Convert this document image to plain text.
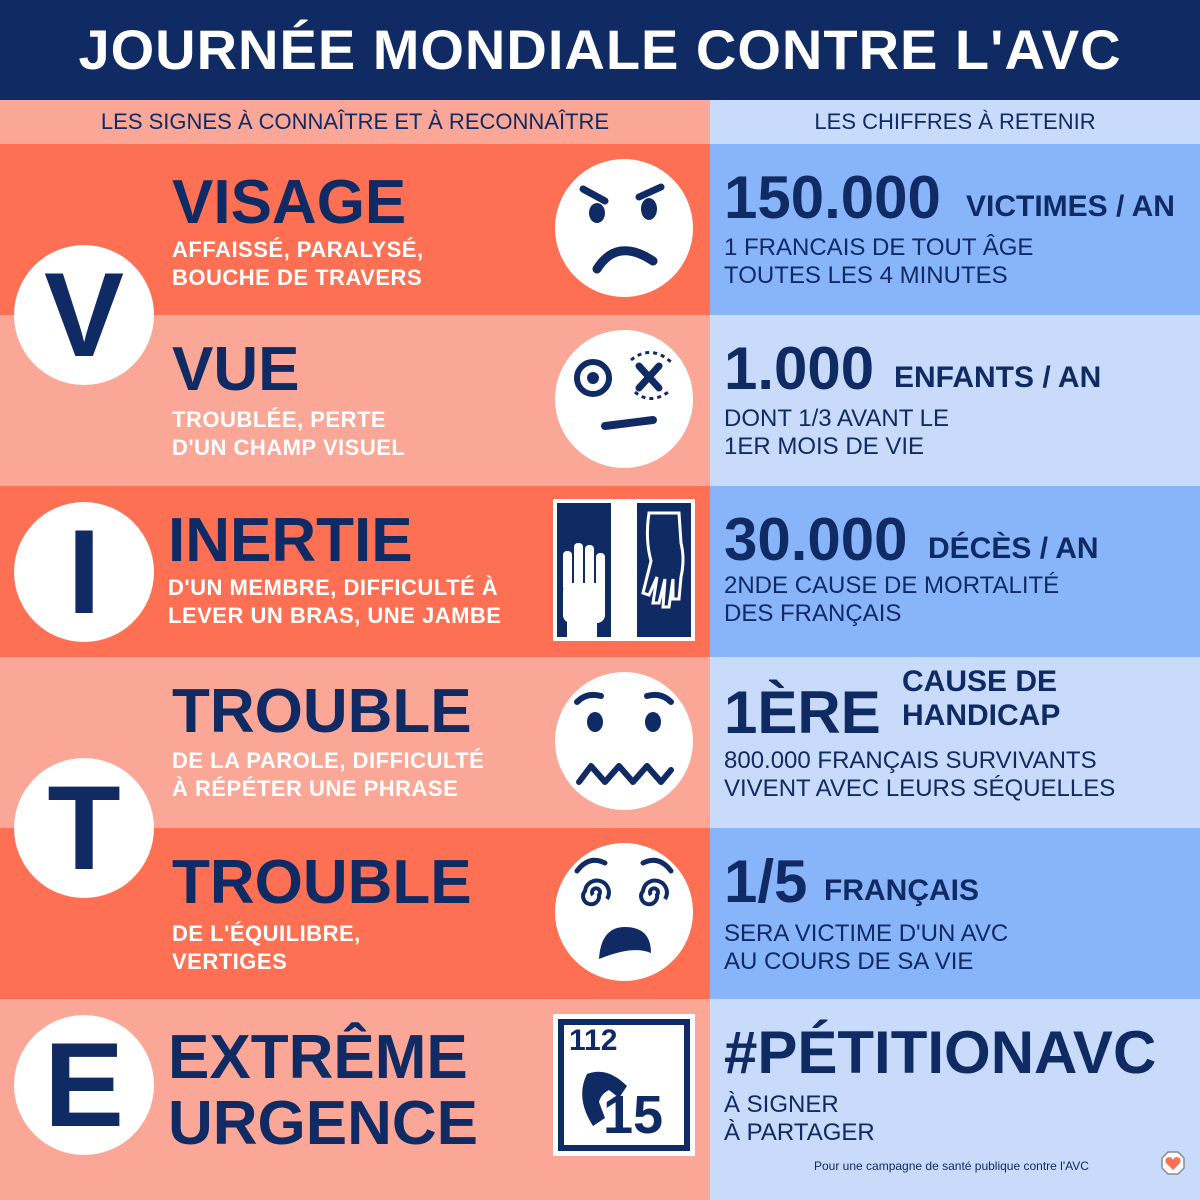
JOURNÉE MONDIALE CONTRE L'AVC
LES SIGNES À CONNAÎTRE ET À RECONNAÎTRE	LES CHIFFRES À RETENIR
VISAGE
AFFAISSÉ, PARALYSÉ,
BOUCHE DE TRAVERS
150.000 VICTIMES / AN
1 FRANCAIS DE TOUT ÂGE
TOUTES LES 4 MINUTES
VUE
TROUBLÉE, PERTE
D'UN CHAMP VISUEL
1.000 ENFANTS / AN
DONT 1/3 AVANT LE
1ER MOIS DE VIE
INERTIE
D'UN MEMBRE, DIFFICULTÉ À
LEVER UN BRAS, UNE JAMBE
30.000 DÉCÈS / AN
2NDE CAUSE DE MORTALITÉ
DES FRANÇAIS
TROUBLE
DE LA PAROLE, DIFFICULTÉ
À RÉPÉTER UNE PHRASE
1ÈRE CAUSE DE
HANDICAP
800.000 FRANÇAIS SURVIVANTS
VIVENT AVEC LEURS SÉQUELLES
TROUBLE
DE L'ÉQUILIBRE,
VERTIGES
1/5 FRANÇAIS
SERA VICTIME D'UN AVC
AU COURS DE SA VIE
EXTRÊME
URGENCE
112
15
#PÉTITIONAVC
À SIGNER
À PARTAGER
V
I
T
E
Pour une campagne de santé publique contre l'AVC
